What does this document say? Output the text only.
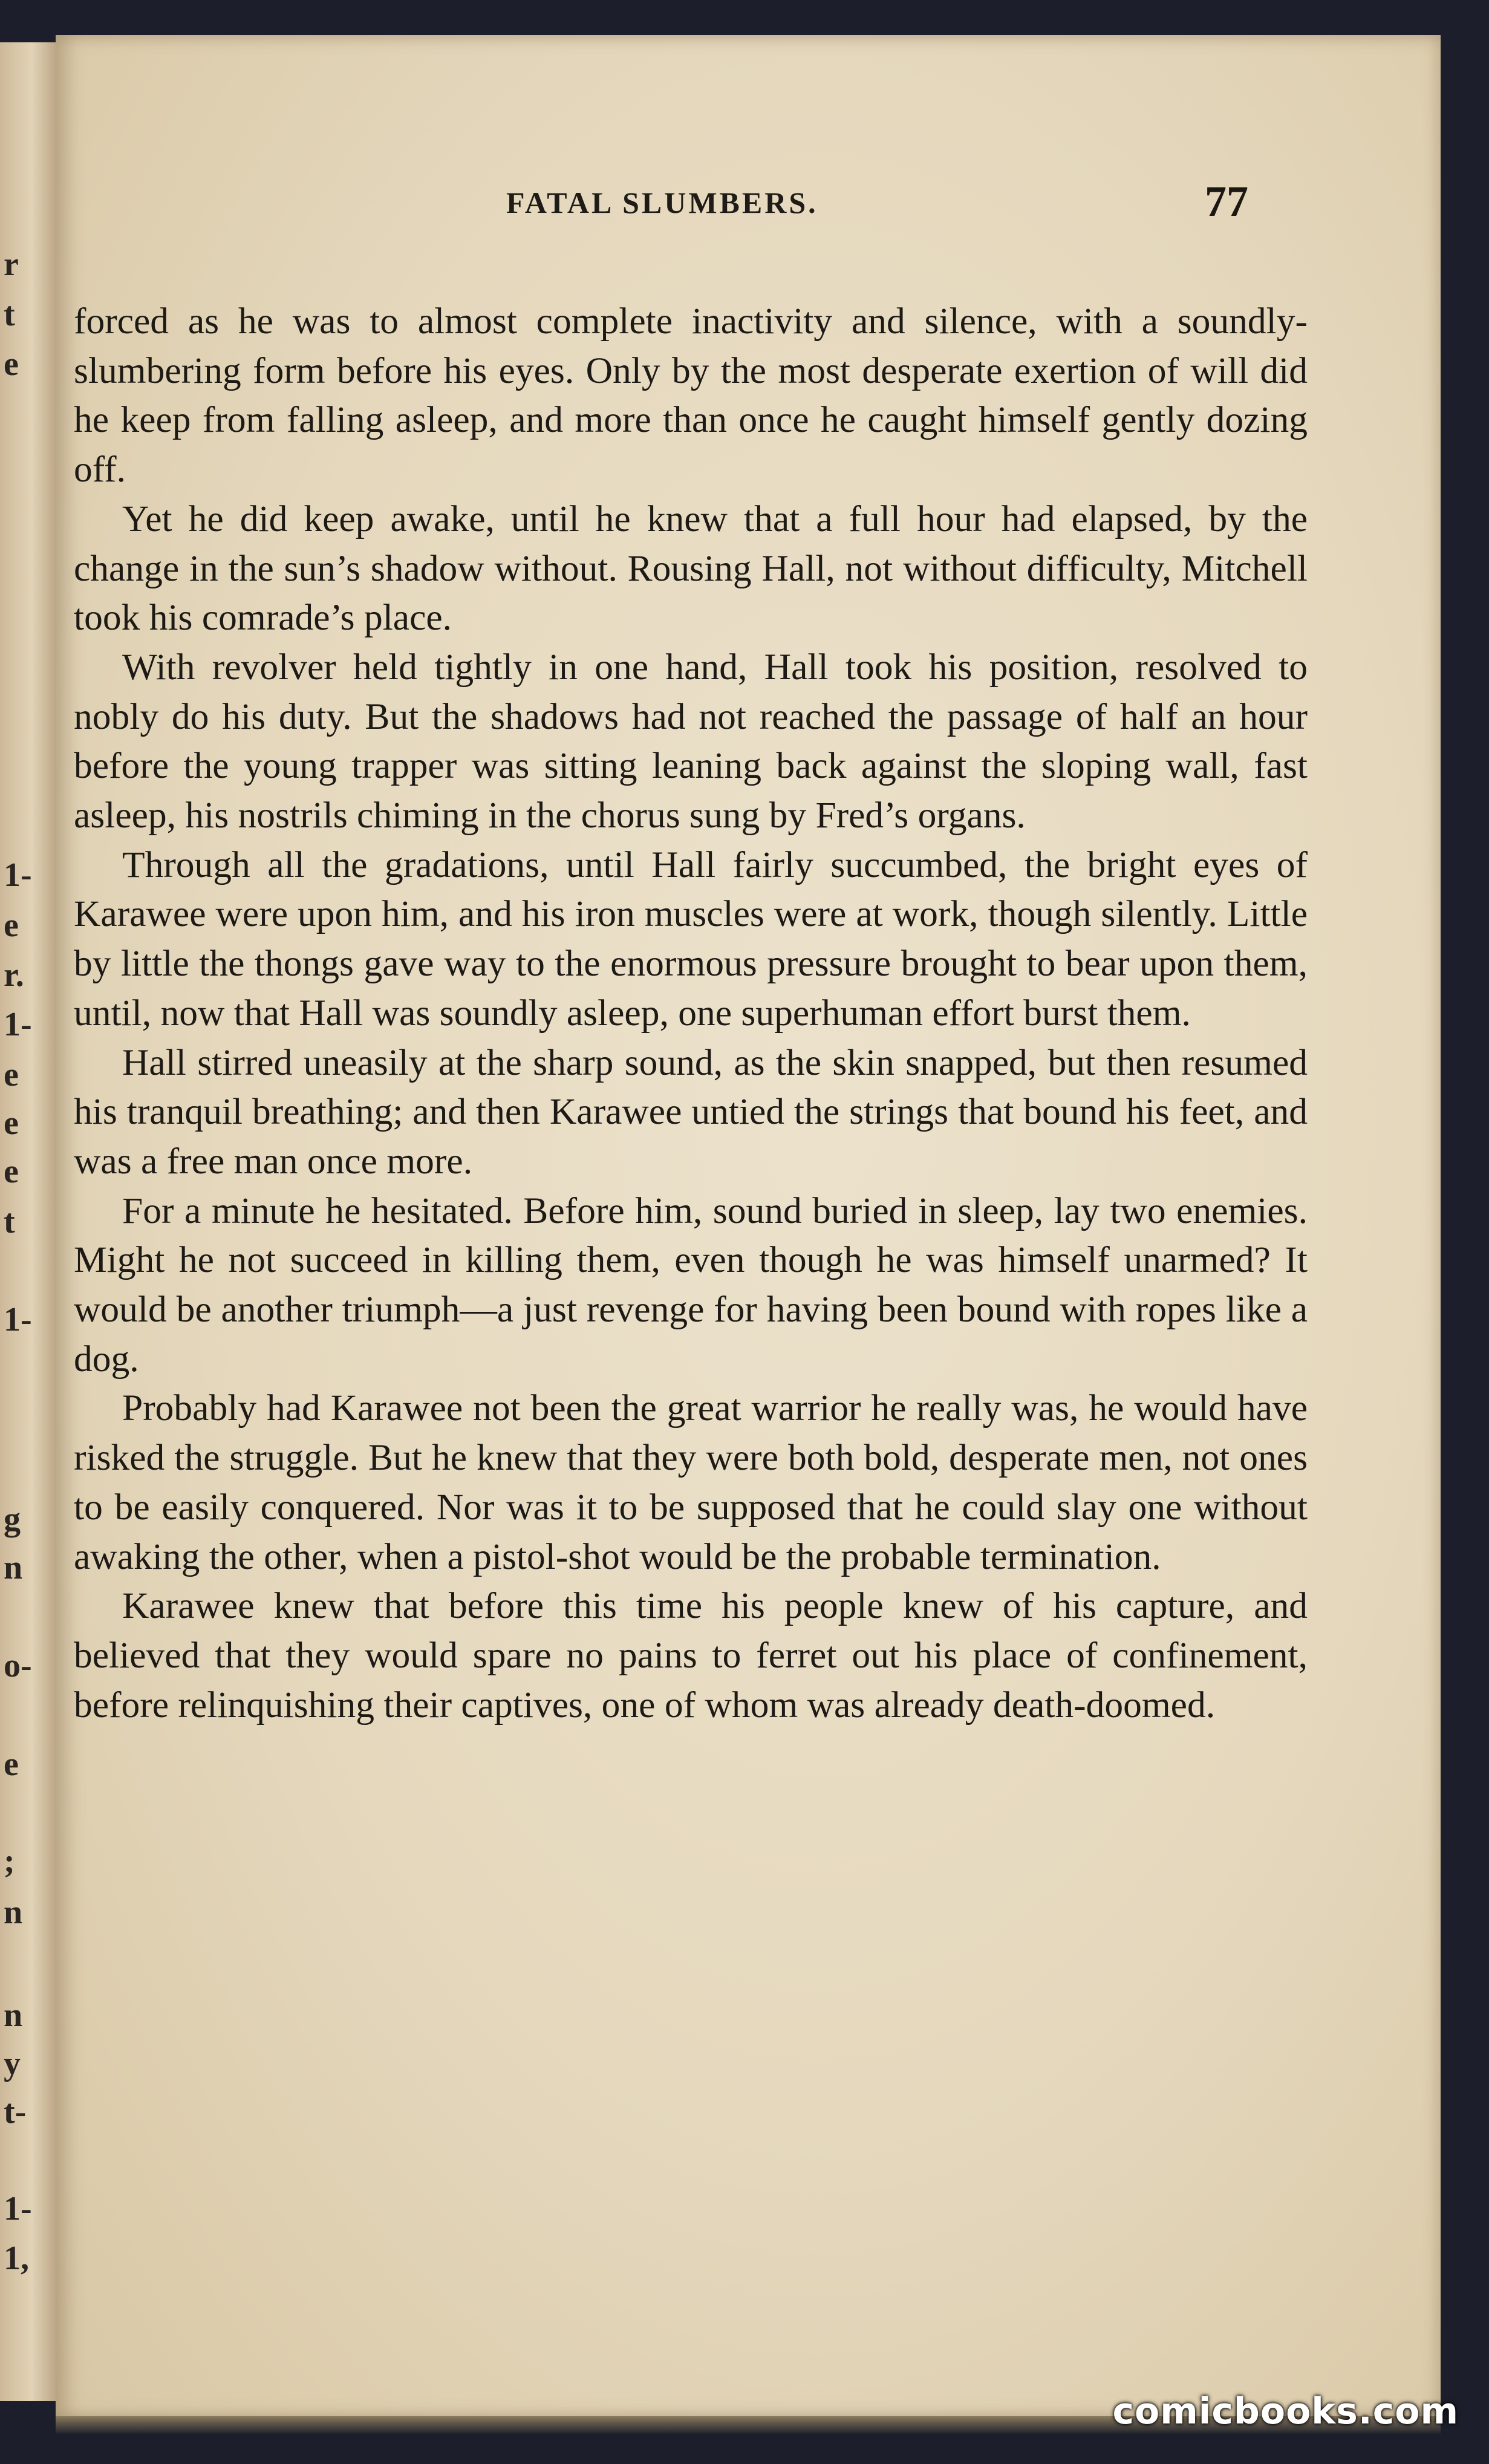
r
t
e
1-
e
r.
1-
e
e
e
t
1-
g
n
o-
e
;
n
n
y
t-
1-
1,
FATAL SLUMBERS.	77

forced as he was to almost complete inactivity and silence, with a soundly-slumbering form before his eyes. Only by the most desperate exertion of will did he keep from falling asleep, and more than once he caught himself gently dozing off.

Yet he did keep awake, until he knew that a full hour had elapsed, by the change in the sun’s shadow without. Rousing Hall, not without difficulty, Mitchell took his comrade’s place.

With revolver held tightly in one hand, Hall took his position, resolved to nobly do his duty. But the shadows had not reached the passage of half an hour before the young trapper was sitting leaning back against the sloping wall, fast asleep, his nostrils chiming in the chorus sung by Fred’s organs.

Through all the gradations, until Hall fairly succumbed, the bright eyes of Karawee were upon him, and his iron muscles were at work, though silently. Little by little the thongs gave way to the enormous pressure brought to bear upon them, until, now that Hall was soundly asleep, one superhuman effort burst them.

Hall stirred uneasily at the sharp sound, as the skin snapped, but then resumed his tranquil breathing; and then Karawee untied the strings that bound his feet, and was a free man once more.

For a minute he hesitated. Before him, sound buried in sleep, lay two enemies. Might he not succeed in killing them, even though he was himself unarmed? It would be another triumph—a just revenge for having been bound with ropes like a dog.

Probably had Karawee not been the great warrior he really was, he would have risked the struggle. But he knew that they were both bold, desperate men, not ones to be easily conquered. Nor was it to be supposed that he could slay one without awaking the other, when a pistol-shot would be the probable termination.

Karawee knew that before this time his people knew of his capture, and believed that they would spare no pains to ferret out his place of confinement, before relinquishing their captives, one of whom was already death-doomed.

comicbooks.com
